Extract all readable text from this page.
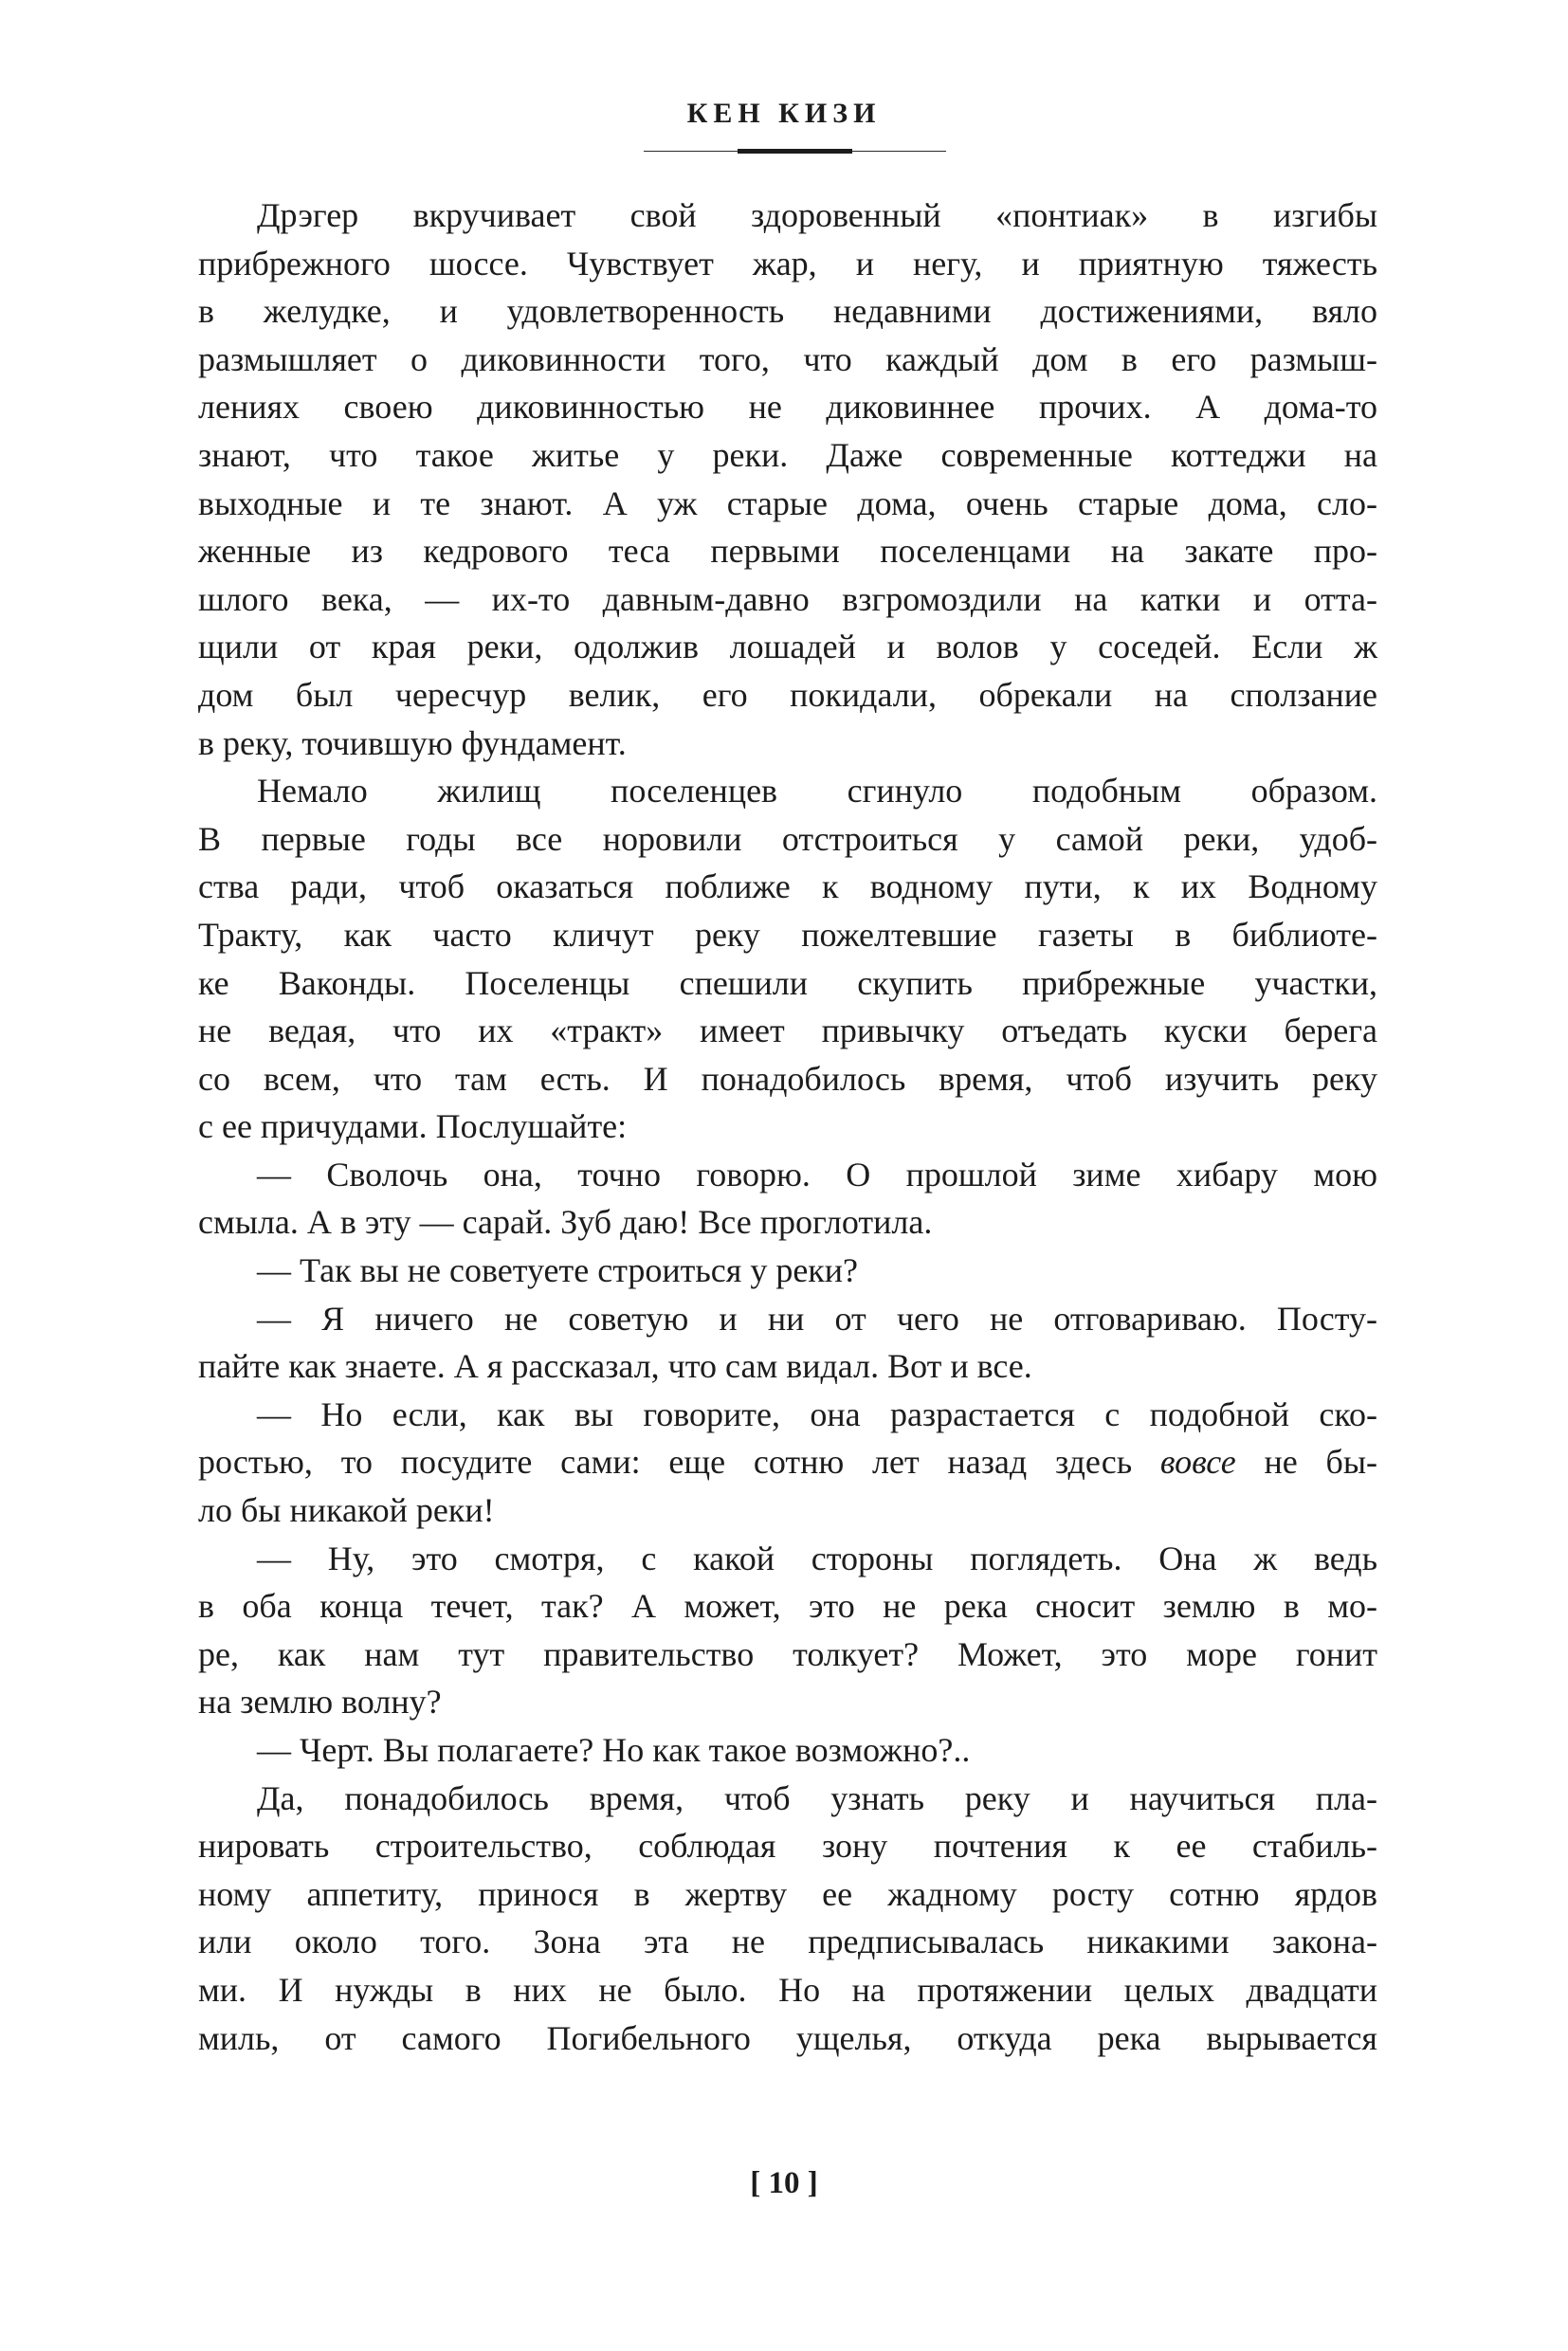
КЕН КИЗИ
Дрэгер вкручивает свой здоровенный «понтиак» в изгибы
прибрежного шоссе. Чувствует жар, и негу, и приятную тяжесть
в желудке, и удовлетворенность недавними достижениями, вяло
размышляет о диковинности того, что каждый дом в его размыш-
лениях своею диковинностью не диковиннее прочих. А дома-то
знают, что такое житье у реки. Даже современные коттеджи на
выходные и те знают. А уж старые дома, очень старые дома, сло-
женные из кедрового теса первыми поселенцами на закате про-
шлого века, — их-то давным-давно взгромоздили на катки и отта-
щили от края реки, одолжив лошадей и волов у соседей. Если ж
дом был чересчур велик, его покидали, обрекали на сползание
в реку, точившую фундамент.
Немало жилищ поселенцев сгинуло подобным образом.
В первые годы все норовили отстроиться у самой реки, удоб-
ства ради, чтоб оказаться поближе к водному пути, к их Водному
Тракту, как часто кличут реку пожелтевшие газеты в библиоте-
ке Ваконды. Поселенцы спешили скупить прибрежные участки,
не ведая, что их «тракт» имеет привычку отъедать куски берега
со всем, что там есть. И понадобилось время, чтоб изучить реку
с ее причудами. Послушайте:
— Сволочь она, точно говорю. О прошлой зиме хибару мою
смыла. А в эту — сарай. Зуб даю! Все проглотила.
— Так вы не советуете строиться у реки?
— Я ничего не советую и ни от чего не отговариваю. Посту-
пайте как знаете. А я рассказал, что сам видал. Вот и все.
— Но если, как вы говорите, она разрастается с подобной ско-
ростью, то посудите сами: еще сотню лет назад здесь вовсе не бы-
ло бы никакой реки!
— Ну, это смотря, с какой стороны поглядеть. Она ж ведь
в оба конца течет, так? А может, это не река сносит землю в мо-
ре, как нам тут правительство толкует? Может, это море гонит
на землю волну?
— Черт. Вы полагаете? Но как такое возможно?..
Да, понадобилось время, чтоб узнать реку и научиться пла-
нировать строительство, соблюдая зону почтения к ее стабиль-
ному аппетиту, принося в жертву ее жадному росту сотню ярдов
или около того. Зона эта не предписывалась никакими закона-
ми. И нужды в них не было. Но на протяжении целых двадцати
миль, от самого Погибельного ущелья, откуда река вырывается
[ 10 ]
